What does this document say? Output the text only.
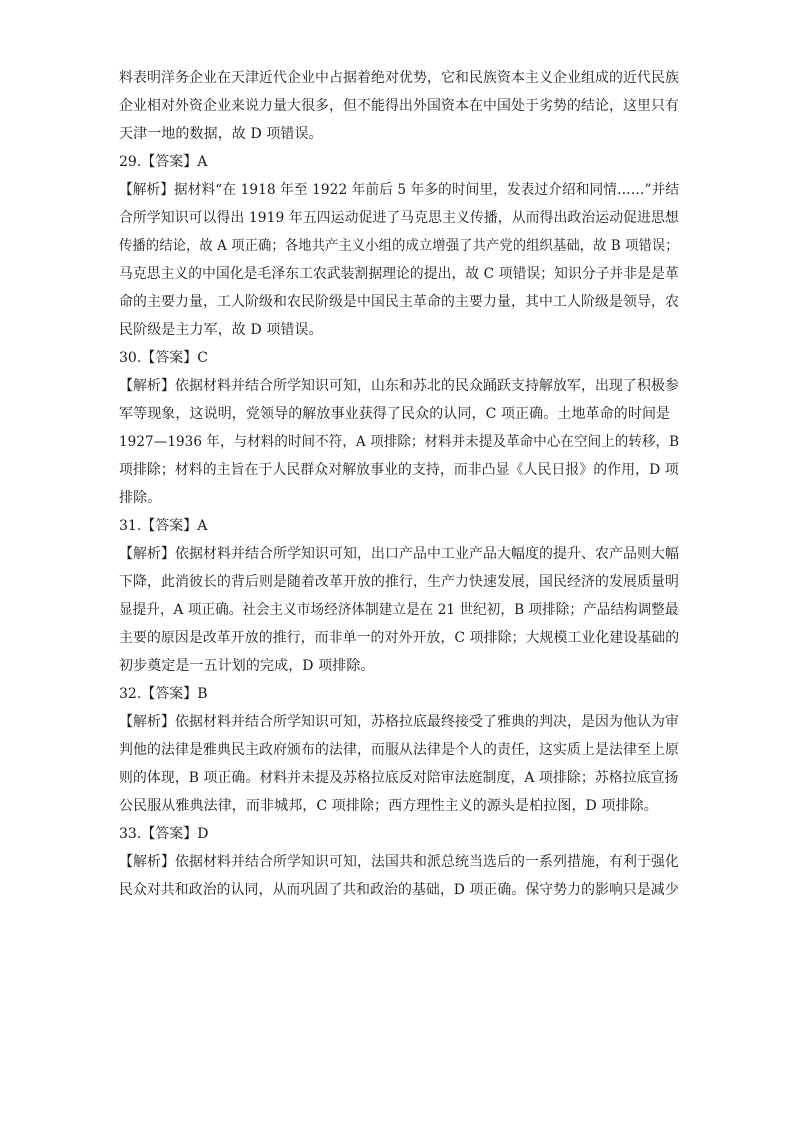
料表明洋务企业在天津近代企业中占据着绝对优势，它和民族资本主义企业组成的近代民族
企业相对外资企业来说力量大很多，但不能得出外国资本在中国处于劣势的结论，这里只有
天津一地的数据，故 D 项错误。
29.【答案】A
【解析】据材料“在 1918 年至 1922 年前后 5 年多的时间里，发表过介绍和同情……”并结
合所学知识可以得出 1919 年五四运动促进了马克思主义传播，从而得出政治运动促进思想
传播的结论，故 A 项正确；各地共产主义小组的成立增强了共产党的组织基础，故 B 项错误；
马克思主义的中国化是毛泽东工农武装割据理论的提出，故 C 项错误；知识分子并非是是革
命的主要力量，工人阶级和农民阶级是中国民主革命的主要力量，其中工人阶级是领导，农
民阶级是主力军，故 D 项错误。
30.【答案】C
【解析】依据材料并结合所学知识可知，山东和苏北的民众踊跃支持解放军，出现了积极参
军等现象，这说明，党领导的解放事业获得了民众的认同，C 项正确。土地革命的时间是
1927—1936 年，与材料的时间不符，A 项排除；材料并未提及革命中心在空间上的转移，B
项排除；材料的主旨在于人民群众对解放事业的支持，而非凸显《人民日报》的作用，D 项
排除。
31.【答案】A
【解析】依据材料并结合所学知识可知，出口产品中工业产品大幅度的提升、农产品则大幅
下降，此消彼长的背后则是随着改革开放的推行，生产力快速发展，国民经济的发展质量明
显提升，A 项正确。社会主义市场经济体制建立是在 21 世纪初，B 项排除；产品结构调整最
主要的原因是改革开放的推行，而非单一的对外开放，C 项排除；大规模工业化建设基础的
初步奠定是一五计划的完成，D 项排除。
32.【答案】B
【解析】依据材料并结合所学知识可知，苏格拉底最终接受了雅典的判决，是因为他认为审
判他的法律是雅典民主政府颁布的法律，而服从法律是个人的责任，这实质上是法律至上原
则的体现，B 项正确。材料并未提及苏格拉底反对陪审法庭制度，A 项排除；苏格拉底宣扬
公民服从雅典法律，而非城邦，C 项排除；西方理性主义的源头是柏拉图，D 项排除。
33.【答案】D
【解析】依据材料并结合所学知识可知，法国共和派总统当选后的一系列措施，有利于强化
民众对共和政治的认同，从而巩固了共和政治的基础，D 项正确。保守势力的影响只是减少
